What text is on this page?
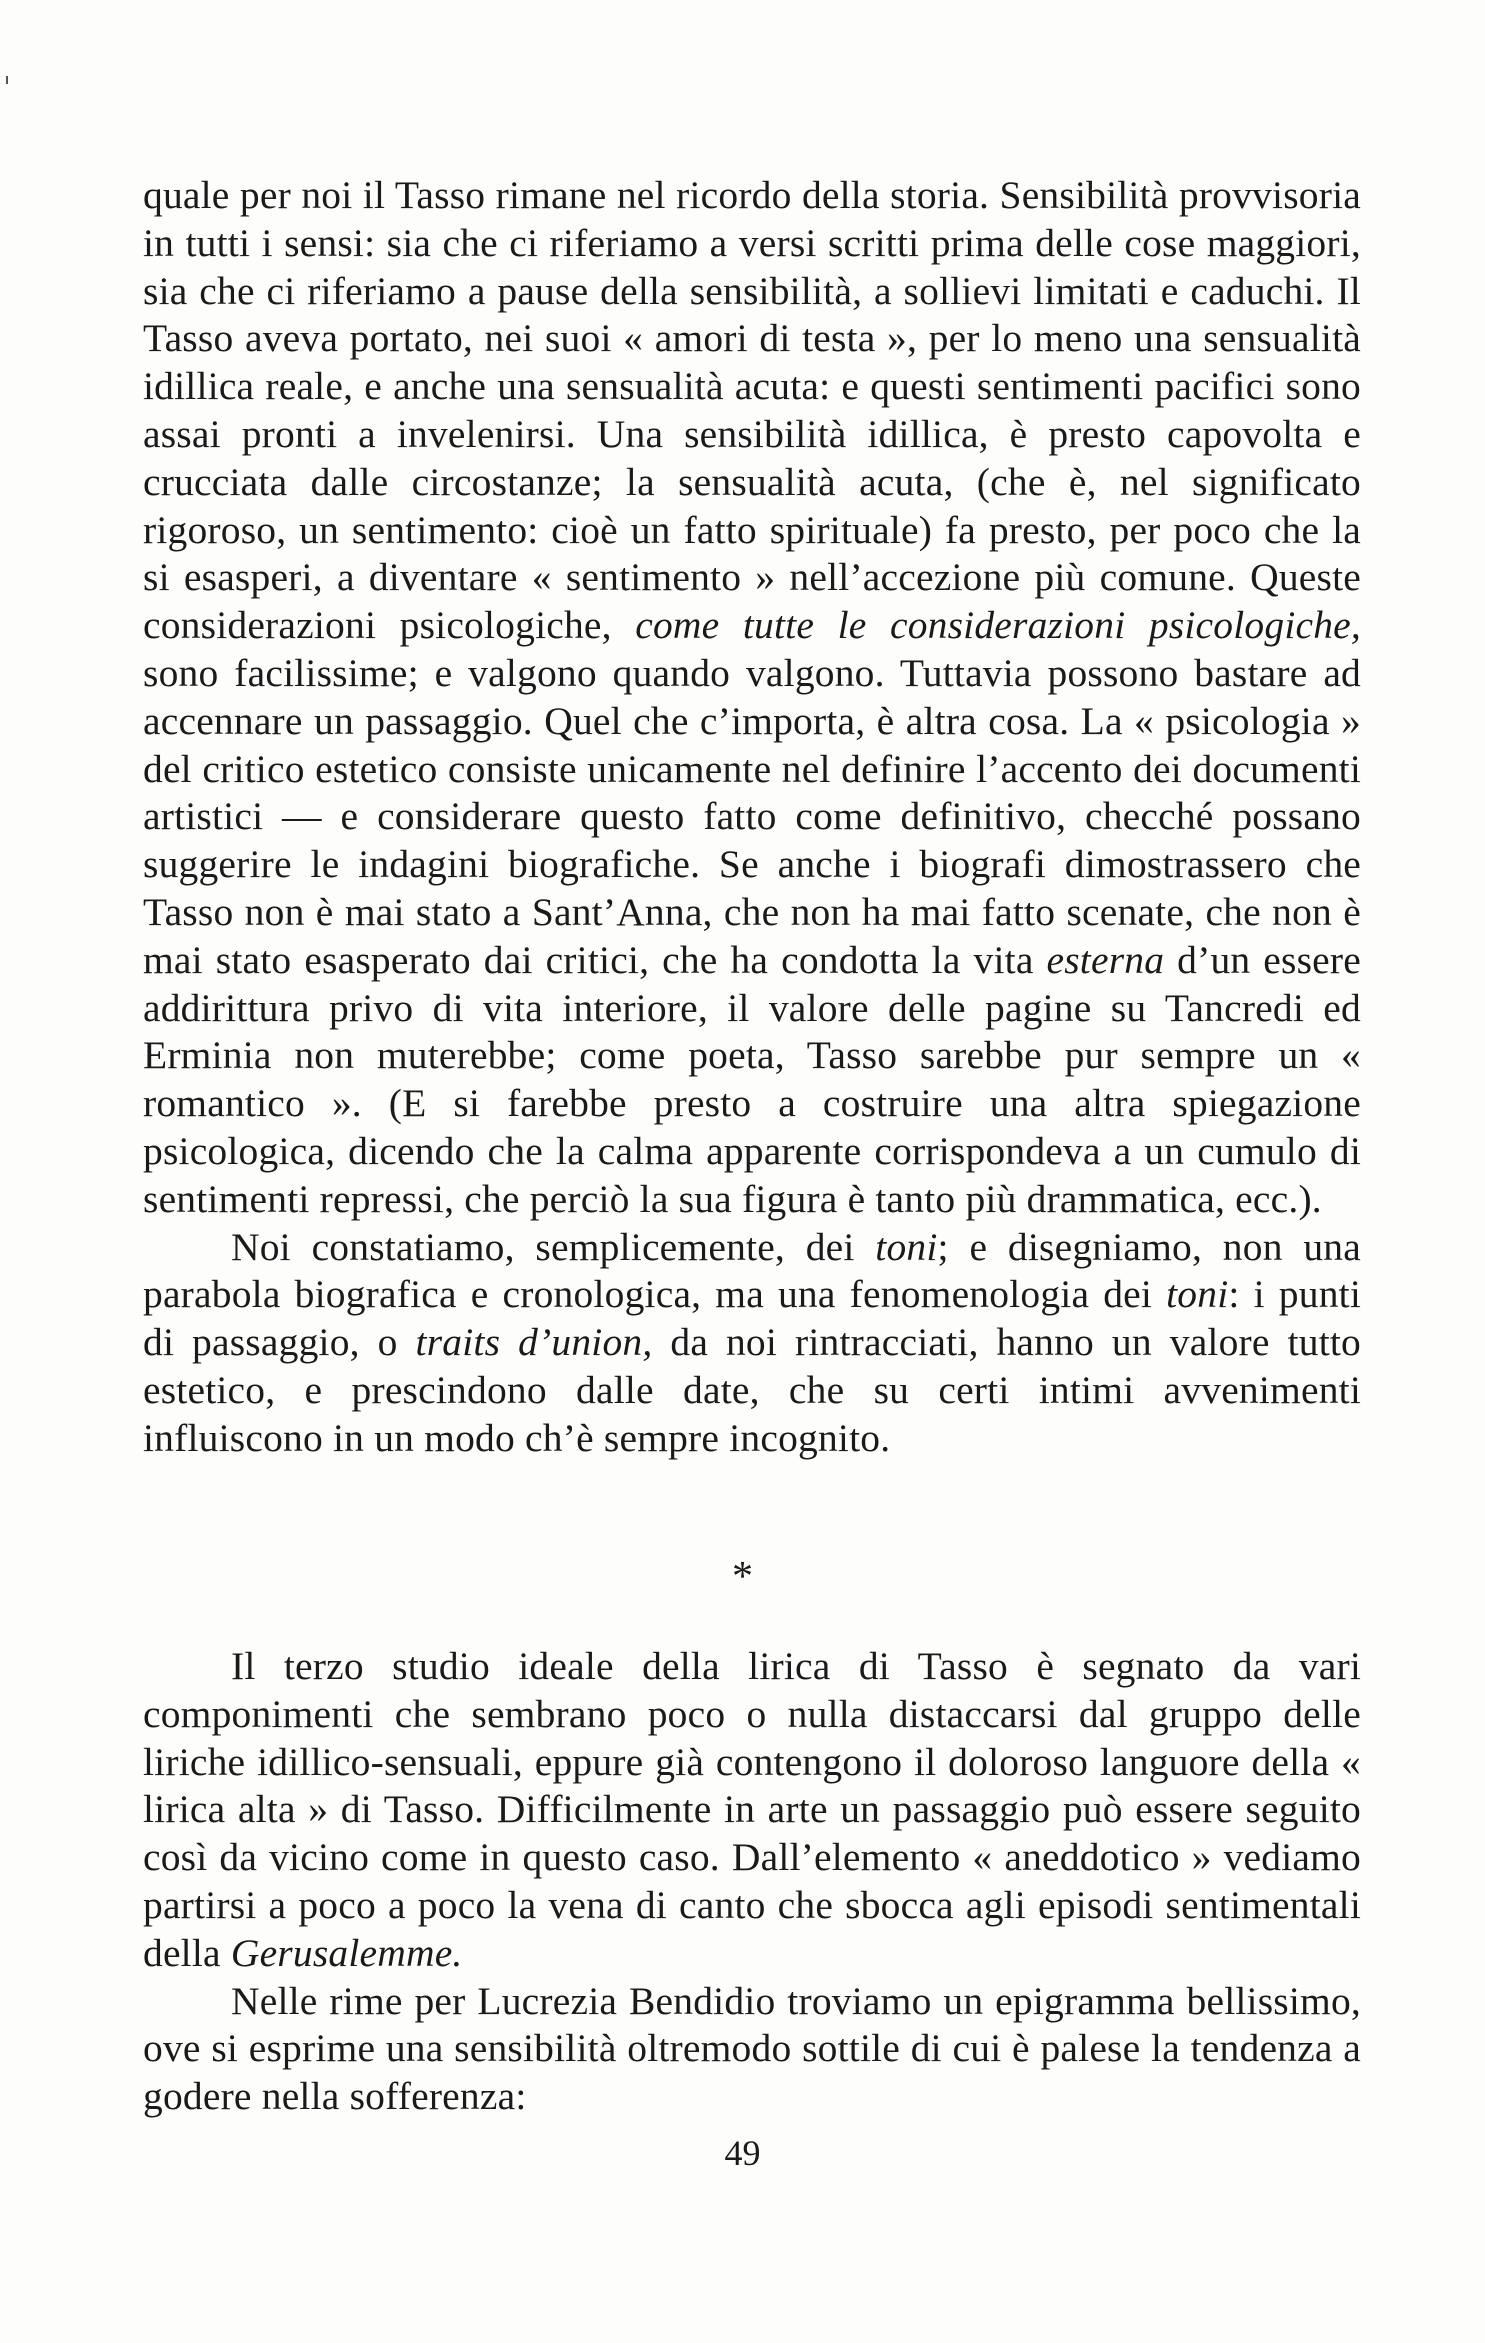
quale per noi il Tasso rimane nel ricordo della storia. Sensibilità provvisoria in tutti i sensi: sia che ci riferiamo a versi scritti prima delle cose maggiori, sia che ci riferiamo a pause della sensibilità, a sollievi limitati e caduchi. Il Tasso aveva portato, nei suoi « amori di testa », per lo meno una sensualità idillica reale, e anche una sensualità acuta: e questi sentimenti pacifici sono assai pronti a invelenirsi. Una sensibilità idillica, è presto capovolta e crucciata dalle circostanze; la sensualità acuta, (che è, nel significato rigoroso, un sentimento: cioè un fatto spirituale) fa presto, per poco che la si esasperi, a diventare « sentimento » nell’accezione più comune. Queste considerazioni psicologiche, come tutte le considerazioni psicologiche, sono facilissime; e valgono quando valgono. Tuttavia possono bastare ad accennare un passaggio. Quel che c’importa, è altra cosa. La « psicologia » del critico estetico consiste unicamente nel definire l’accento dei documenti artistici — e considerare questo fatto come definitivo, checché possano suggerire le indagini biografiche. Se anche i biografi dimostrassero che Tasso non è mai stato a Sant’Anna, che non ha mai fatto scenate, che non è mai stato esasperato dai critici, che ha condotta la vita esterna d’un essere addirittura privo di vita interiore, il valore delle pagine su Tancredi ed Erminia non muterebbe; come poeta, Tasso sarebbe pur sempre un « romantico ». (E si farebbe presto a costruire una altra spiegazione psicologica, dicendo che la calma apparente corrispondeva a un cumulo di sentimenti repressi, che perciò la sua figura è tanto più drammatica, ecc.).

Noi constatiamo, semplicemente, dei toni; e disegniamo, non una parabola biografica e cronologica, ma una fenomenologia dei toni: i punti di passaggio, o traits d’union, da noi rintracciati, hanno un valore tutto estetico, e prescindono dalle date, che su certi intimi avvenimenti influiscono in un modo ch’è sempre incognito.

*

Il terzo studio ideale della lirica di Tasso è segnato da vari componimenti che sembrano poco o nulla distaccarsi dal gruppo delle liriche idillico-sensuali, eppure già contengono il doloroso languore della « lirica alta » di Tasso. Difficilmente in arte un passaggio può essere seguito così da vicino come in questo caso. Dall’elemento « aneddotico » vediamo partirsi a poco a poco la vena di canto che sbocca agli episodi sentimentali della Gerusalemme.

Nelle rime per Lucrezia Bendidio troviamo un epigramma bellissimo, ove si esprime una sensibilità oltremodo sottile di cui è palese la tendenza a godere nella sofferenza:

49
